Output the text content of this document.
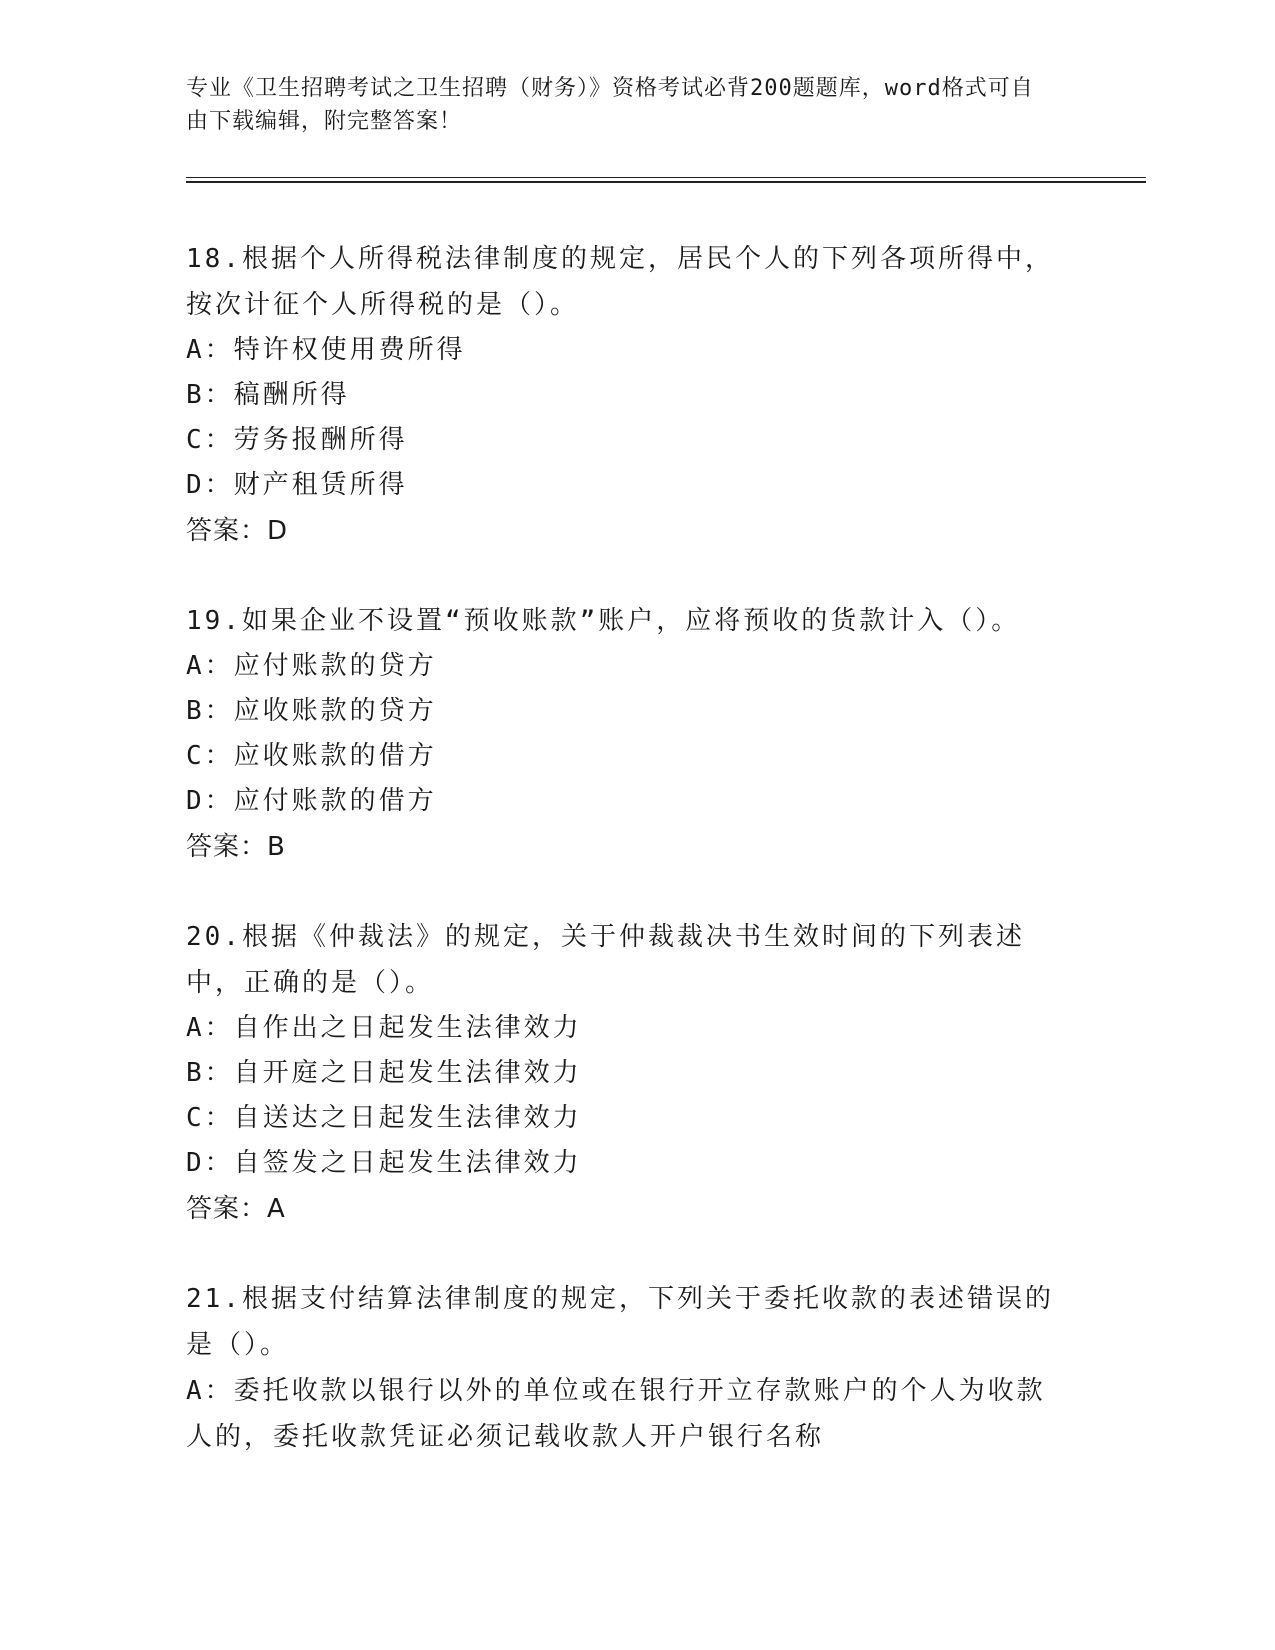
专业《卫生招聘考试之卫生招聘（财务）》资格考试必背200题题库，word格式可自由下载编辑，附完整答案！

18.根据个人所得税法律制度的规定，居民个人的下列各项所得中，按次计征个人所得税的是（）。

A：特许权使用费所得

B：稿酬所得

C：劳务报酬所得

D：财产租赁所得

答案：D

19.如果企业不设置“预收账款”账户，应将预收的货款计入（）。

A：应付账款的贷方

B：应收账款的贷方

C：应收账款的借方

D：应付账款的借方

答案：B

20.根据《仲裁法》的规定，关于仲裁裁决书生效时间的下列表述中，正确的是（）。

A：自作出之日起发生法律效力

B：自开庭之日起发生法律效力

C：自送达之日起发生法律效力

D：自签发之日起发生法律效力

答案：A

21.根据支付结算法律制度的规定，下列关于委托收款的表述错误的是（）。

A：委托收款以银行以外的单位或在银行开立存款账户的个人为收款人的，委托收款凭证必须记载收款人开户银行名称
